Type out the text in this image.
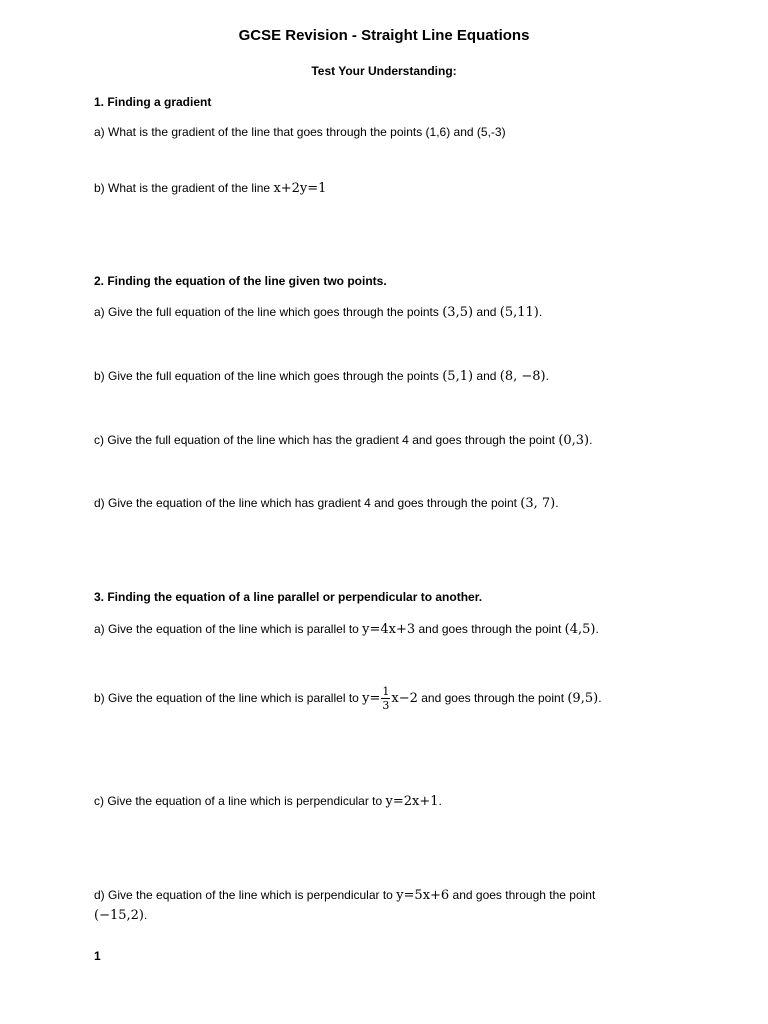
GCSE Revision - Straight Line Equations
Test Your Understanding:
1. Finding a gradient
a) What is the gradient of the line that goes through the points (1,6) and (5,-3)
b) What is the gradient of the line x+2y=1
2. Finding the equation of the line given two points.
a) Give the full equation of the line which goes through the points (3,5) and (5,11).
b) Give the full equation of the line which goes through the points (5,1) and (8, −8).
c) Give the full equation of the line which has the gradient 4 and goes through the point (0,3).
d) Give the equation of the line which has gradient 4 and goes through the point (3, 7).
3. Finding the equation of a line parallel or perpendicular to another.
a) Give the equation of the line which is parallel to y=4x+3 and goes through the point (4,5).
b) Give the equation of the line which is parallel to $y= \frac{1}{3} x-2$ and goes through the point (9,5).
c) Give the equation of a line which is perpendicular to y=2x+1.
d) Give the equation of the line which is perpendicular to y=5x+6 and goes through the point
(−15,2).
1
